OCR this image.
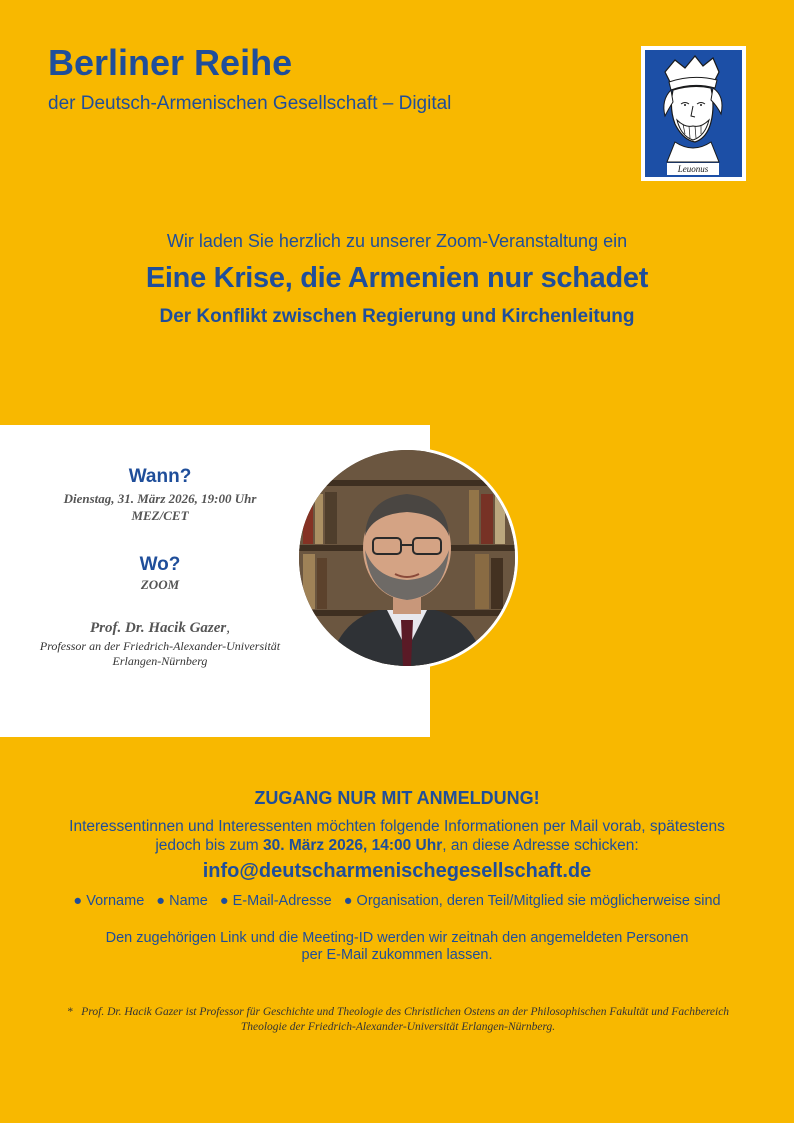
Berliner Reihe
der Deutsch-Armenischen Gesellschaft – Digital
Leuonus
Wir laden Sie herzlich zu unserer Zoom-Veranstaltung ein
Eine Krise, die Armenien nur schadet
Der Konflikt zwischen Regierung und Kirchenleitung
Wann?
Dienstag, 31. März 2026, 19:00 Uhr
MEZ/CET
Wo?
ZOOM
Prof. Dr. Hacik Gazer,
Professor an der Friedrich-Alexander-Universität
Erlangen-Nürnberg
ZUGANG NUR MIT ANMELDUNG!
Interessentinnen und Interessenten möchten folgende Informationen per Mail vorab, spätestens
jedoch bis zum 30. März 2026, 14:00 Uhr, an diese Adresse schicken:
info@deutscharmenischegesellschaft.de
● Vorname ● Name ● E-Mail-Adresse ● Organisation, deren Teil/Mitglied sie möglicherweise sind
Den zugehörigen Link und die Meeting-ID werden wir zeitnah den angemeldeten Personen
per E-Mail zukommen lassen.
* Prof. Dr. Hacik Gazer ist Professor für Geschichte und Theologie des Christlichen Ostens an der Philosophischen Fakultät und Fachbereich Theologie der Friedrich-Alexander-Universität Erlangen-Nürnberg.
